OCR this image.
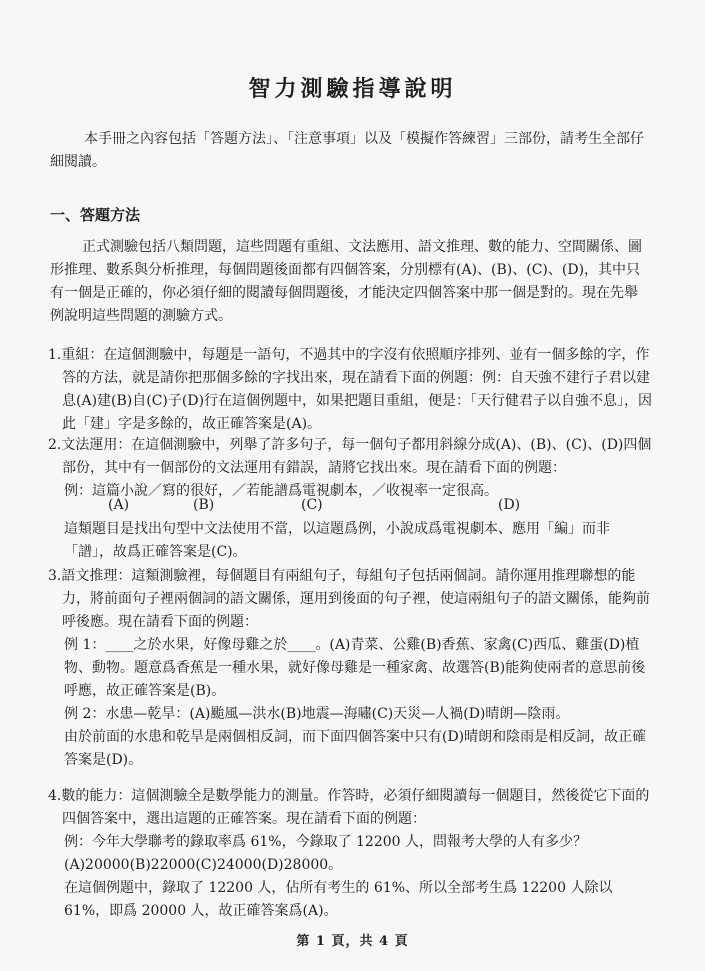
智力測驗指導說明

本手冊之內容包括「答題方法」、「注意事項」以及「模擬作答練習」三部份，請考生全部仔細閱讀。

一、答題方法

正式測驗包括八類問題，這些問題有重組、文法應用、語文推理、數的能力、空間關係、圖形推理、數系與分析推理，每個問題後面都有四個答案，分別標有(A)、(B)、(C)、(D)，其中只有一個是正確的，你必須仔細的閱讀每個問題後，才能決定四個答案中那一個是對的。現在先舉例說明這些問題的測驗方式。

1.重組：在這個測驗中，每題是一語句，不過其中的字沒有依照順序排列、並有一個多餘的字，作答的方法，就是請你把那個多餘的字找出來，現在請看下面的例題：例：自天強不建行子君以建息(A)建(B)自(C)子(D)行在這個例題中，如果把題目重組，便是：「天行健君子以自強不息」，因此「建」字是多餘的，故正確答案是(A)。

2.文法運用：在這個測驗中，列舉了許多句子，每一個句子都用斜線分成(A)、(B)、(C)、(D)四個部份，其中有一個部份的文法運用有錯誤，請將它找出來。現在請看下面的例題：

例：這篇小說／寫的很好，／若能譜爲電視劇本，／收視率一定很高。
(A)	(B)	(C)	(D)

這類題目是找出句型中文法使用不當，以這題爲例，小說成爲電視劇本、應用「編」而非「譜」，故爲正確答案是(C)。

3.語文推理：這類測驗裡，每個題目有兩組句子，每組句子包括兩個詞。請你運用推理聯想的能力，將前面句子裡兩個詞的語文關係，運用到後面的句子裡，使這兩組句子的語文關係，能夠前呼後應。現在請看下面的例題：

例 1：____之於水果，好像母雞之於____。(A)青菜、公雞(B)香蕉、家禽(C)西瓜、雞蛋(D)植物、動物。題意爲香蕉是一種水果，就好像母雞是一種家禽、故選答(B)能夠使兩者的意思前後呼應，故正確答案是(B)。

例 2：水患—乾旱：(A)颱風—洪水(B)地震—海嘯(C)天災—人禍(D)晴朗—陰雨。

由於前面的水患和乾旱是兩個相反詞，而下面四個答案中只有(D)晴朗和陰雨是相反詞，故正確答案是(D)。

4.數的能力：這個測驗全是數學能力的測量。作答時，必須仔細閱讀每一個題目，然後從它下面的四個答案中，選出這題的正確答案。現在請看下面的例題：

例：今年大學聯考的錄取率爲 61%，今錄取了 12200 人，問報考大學的人有多少？
(A)20000(B)22000(C)24000(D)28000。

在這個例題中，錄取了 12200 人，佔所有考生的 61%、所以全部考生爲 12200 人除以 61%，即爲 20000 人，故正確答案爲(A)。

第 1 頁，共 4 頁
